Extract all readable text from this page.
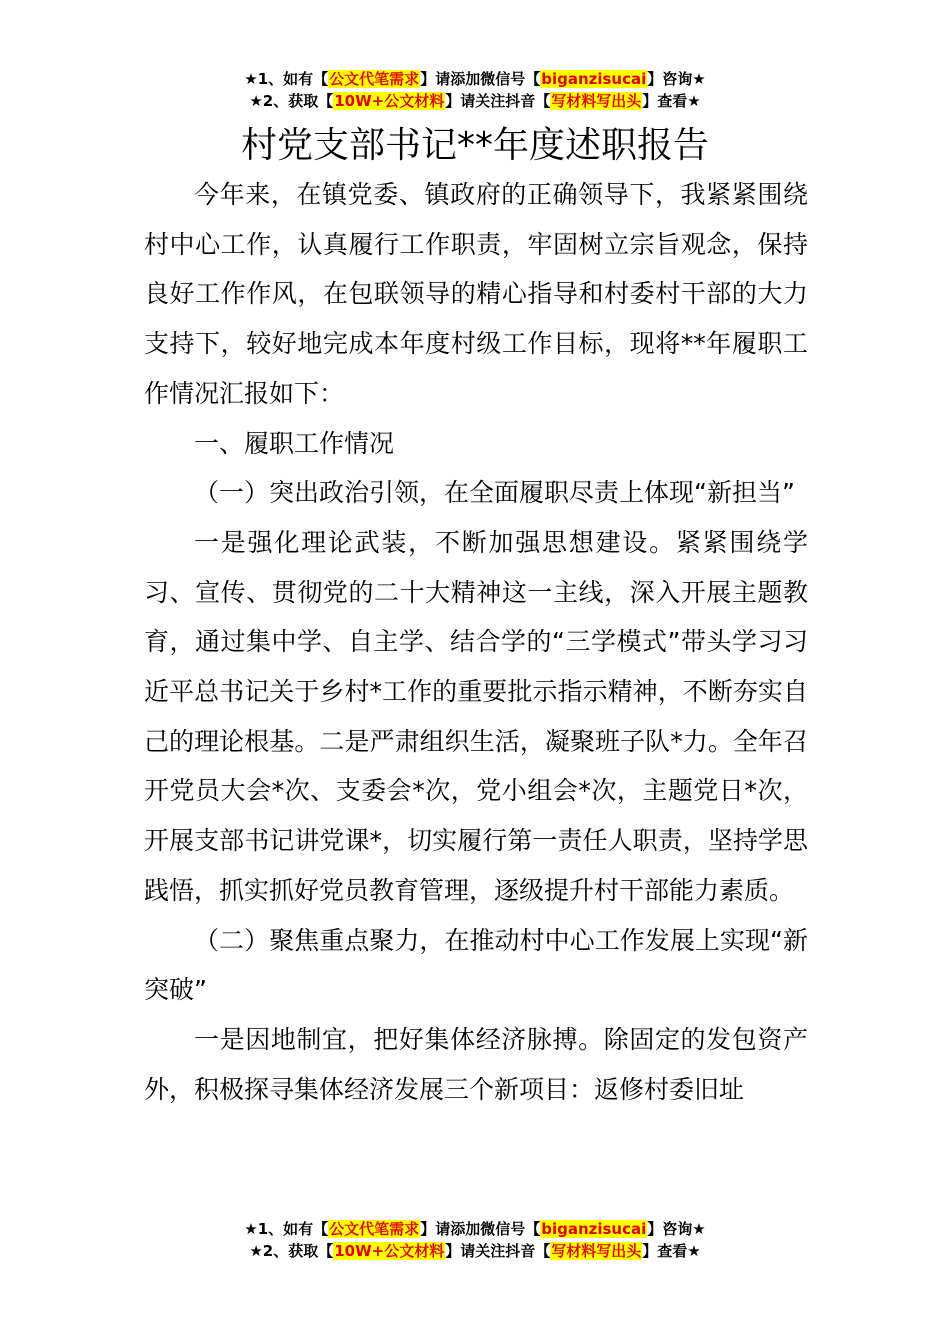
★1、如有【公文代笔需求】请添加微信号【biganzisucai】咨询★
★2、获取【10W+公文材料】请关注抖音【写材料写出头】查看★
村党支部书记**年度述职报告

今年来，在镇党委、镇政府的正确领导下，我紧紧围绕村中心工作，认真履行工作职责，牢固树立宗旨观念，保持良好工作作风，在包联领导的精心指导和村委村干部的大力支持下，较好地完成本年度村级工作目标，现将**年履职工作情况汇报如下：

一、履职工作情况

（一）突出政治引领，在全面履职尽责上体现“新担当”

一是强化理论武装，不断加强思想建设。紧紧围绕学习、宣传、贯彻党的二十大精神这一主线，深入开展主题教育，通过集中学、自主学、结合学的“三学模式”带头学习习近平总书记关于乡村*工作的重要批示指示精神，不断夯实自己的理论根基。二是严肃组织生活，凝聚班子队*力。全年召开党员大会*次、支委会*次，党小组会*次，主题党日*次，开展支部书记讲党课*，切实履行第一责任人职责，坚持学思践悟，抓实抓好党员教育管理，逐级提升村干部能力素质。

（二）聚焦重点聚力，在推动村中心工作发展上实现“新突破”

一是因地制宜，把好集体经济脉搏。除固定的发包资产外，积极探寻集体经济发展三个新项目：返修村委旧址

★1、如有【公文代笔需求】请添加微信号【biganzisucai】咨询★
★2、获取【10W+公文材料】请关注抖音【写材料写出头】查看★
